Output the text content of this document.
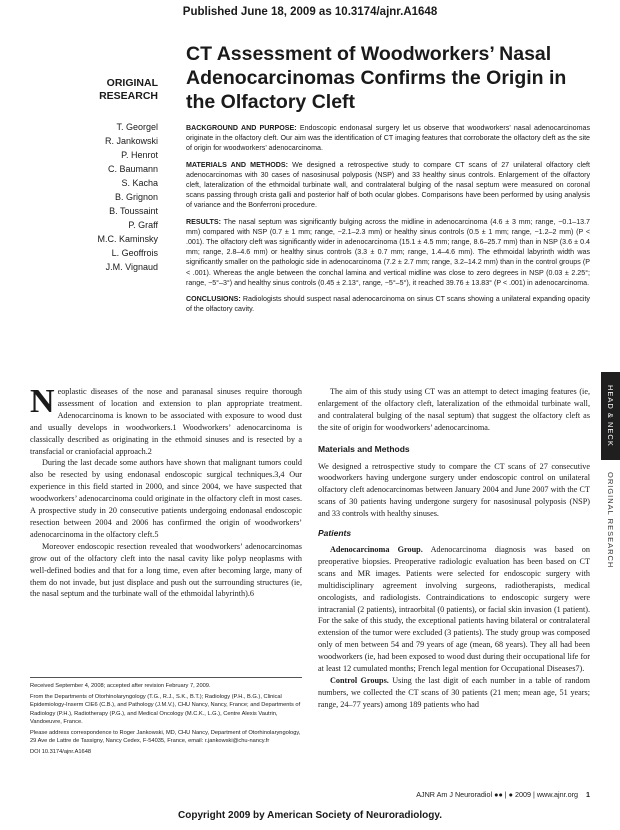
Published June 18, 2009 as 10.3174/ajnr.A1648
CT Assessment of Woodworkers’ Nasal Adenocarcinomas Confirms the Origin in the Olfactory Cleft
ORIGINAL
RESEARCH
T. Georgel
R. Jankowski
P. Henrot
C. Baumann
S. Kacha
B. Grignon
B. Toussaint
P. Graff
M.C. Kaminsky
L. Geoffrois
J.M. Vignaud

BACKGROUND AND PURPOSE: Endoscopic endonasal surgery let us observe that woodworkers’ nasal adenocarcinomas originate in the olfactory cleft. Our aim was the identification of CT imaging features that corroborate the olfactory cleft as the site of origin for woodworkers’ adenocarcinoma.

MATERIALS AND METHODS: We designed a retrospective study to compare CT scans of 27 unilateral olfactory cleft adenocarcinomas with 30 cases of nasosinusal polyposis (NSP) and 33 healthy sinus controls. Enlargement of the olfactory cleft, lateralization of the ethmoidal turbinate wall, and contralateral bulging of the nasal septum were measured on coronal scans passing through crista galli and posterior half of both ocular globes. Comparisons have been performed by using analysis of variance and the Bonferroni procedure.

RESULTS: The nasal septum was significantly bulging across the midline in adenocarcinoma (4.6 ± 3 mm; range, −0.1–13.7 mm) compared with NSP (0.7 ± 1 mm; range, −2.1–2.3 mm) or healthy sinus controls (0.5 ± 1 mm; range, −1.2–2 mm) (P < .001). The olfactory cleft was significantly wider in adenocarcinoma (15.1 ± 4.5 mm; range, 8.6–25.7 mm) than in NSP (3.6 ± 0.4 mm; range, 2.8–4.6 mm) or healthy sinus controls (3.3 ± 0.7 mm; range, 1.4–4.6 mm). The ethmoidal labyrinth width was significantly smaller on the pathologic side in adenocarcinoma (7.2 ± 2.7 mm; range, 3.2–14.2 mm) than in the control groups (P < .001). Whereas the angle between the conchal lamina and vertical midline was close to zero degrees in NSP (0.03 ± 2.25°; range, −5°–3°) and healthy sinus controls (0.45 ± 2.13°, range, −5°–5°), it reached 39.76 ± 13.83° (P < .001) in adenocarcinoma.

CONCLUSIONS: Radiologists should suspect nasal adenocarcinoma on sinus CT scans showing a unilateral expanding opacity of the olfactory cavity.

Neoplastic diseases of the nose and paranasal sinuses require thorough assessment of location and extension to plan appropriate treatment. Adenocarcinoma is known to be associated with exposure to wood dust and usually develops in woodworkers.1 Woodworkers’ adenocarcinoma is classically described as originating in the ethmoid sinuses and is resected by a transfacial or craniofacial approach.2

During the last decade some authors have shown that malignant tumors could also be resected by using endonasal endoscopic surgical techniques.3,4 Our experience in this field started in 2000, and since 2004, we have suspected that woodworkers’ adenocarcinoma could originate in the olfactory cleft in most cases. A prospective study in 20 consecutive patients undergoing endonasal endoscopic resection between 2004 and 2006 has confirmed the origin of woodworkers’ adenocarcinoma in the olfactory cleft.5

Moreover endoscopic resection revealed that woodworkers’ adenocarcinomas grow out of the olfactory cleft into the nasal cavity like polyp neoplasms with well-defined bodies and that for a long time, even after becoming large, many of them do not invade, but just displace and push out the surrounding structures (ie, the nasal septum and the turbinate wall of the ethmoidal labyrinth).6

Received September 4, 2008; accepted after revision February 7, 2009.

From the Departments of Otorhinolaryngology (T.G., R.J., S.K., B.T.); Radiology (P.H., B.G.), Clinical Epidemiology-Inserm CIE6 (C.B.), and Pathology (J.M.V.), CHU Nancy, Nancy, France; and Departments of Radiology (P.H.), Radiotherapy (P.G.), and Medical Oncology (M.C.K., L.G.), Centre Alexis Vautrin, Vandoeuvre, France.

Please address correspondence to Roger Jankowski, MD, CHU Nancy, Department of Otorhinolaryngology, 29 Ave de Lattre de Tassigny, Nancy Cedex, F-54035, France, email: r.jankowski@chu-nancy.fr

DOI 10.3174/ajnr.A1648

The aim of this study using CT was an attempt to detect imaging features (ie, enlargement of the olfactory cleft, lateralization of the ethmoidal turbinate wall, and contralateral bulging of the nasal septum) that suggest the olfactory cleft as the site of origin for woodworkers’ adenocarcinoma.

Materials and Methods

We designed a retrospective study to compare the CT scans of 27 consecutive woodworkers having undergone surgery under endoscopic control on unilateral olfactory cleft adenocarcinomas between January 2004 and June 2007 with the CT scans of 30 patients having undergone surgery for nasosinusal polyposis (NSP) and 33 controls with healthy sinuses.

Patients

Adenocarcinoma Group. Adenocarcinoma diagnosis was based on preoperative biopsies. Preoperative radiologic evaluation has been based on CT scans and MR images. Patients were selected for endoscopic surgery with multidisciplinary agreement involving surgeons, radiotherapists, medical oncologists, and radiologists. Contraindications to endoscopic surgery were intracranial (2 patients), intraorbital (0 patients), or facial skin invasion (1 patient). For the sake of this study, the exceptional patients having bilateral or contralateral extension of the tumor were excluded (3 patients). The study group was composed only of men between 54 and 79 years of age (mean, 68 years). They all had been woodworkers (ie, had been exposed to wood dust during their occupational life for at least 12 cumulated months; French legal mention for Occupational Diseases7).

Control Groups. Using the last digit of each number in a table of random numbers, we collected the CT scans of 30 patients (21 men; mean age, 51 years; range, 24–77 years) among 189 patients who had

HEAD & NECK
ORIGINAL RESEARCH
AJNR Am J Neuroradiol ●● | ● 2009 | www.ajnr.org 1
Copyright 2009 by American Society of Neuroradiology.
